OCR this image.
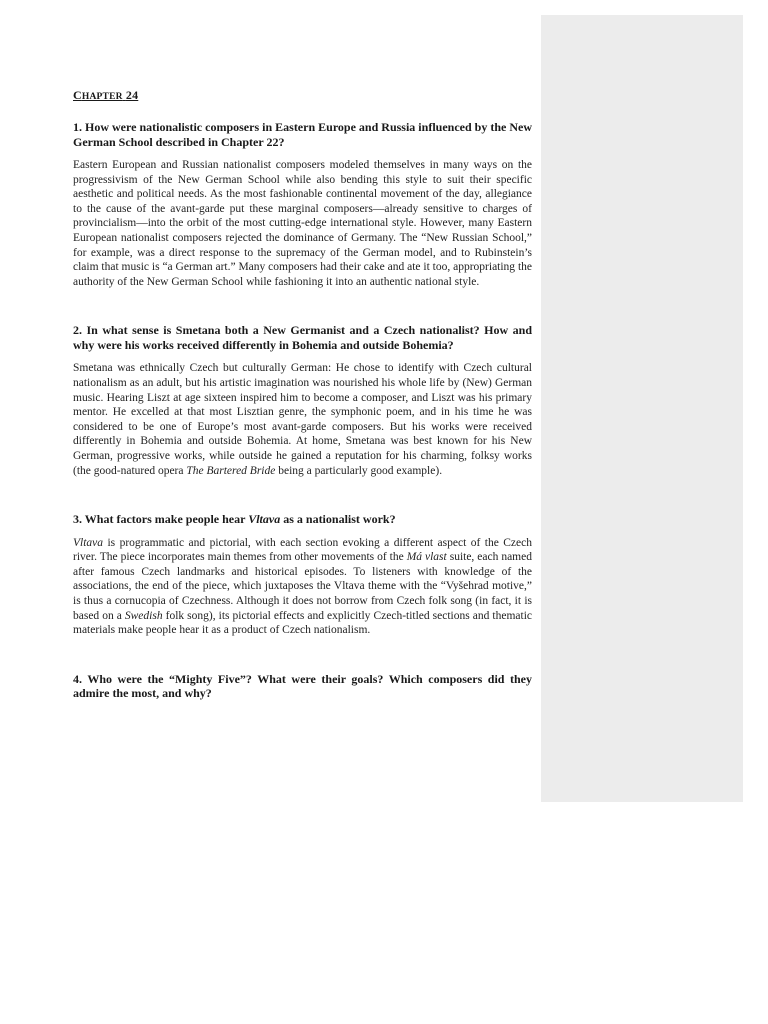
CHAPTER 24

1. How were nationalistic composers in Eastern Europe and Russia influenced by the New German School described in Chapter 22?

Eastern European and Russian nationalist composers modeled themselves in many ways on the progressivism of the New German School while also bending this style to suit their specific aesthetic and political needs. As the most fashionable continental movement of the day, allegiance to the cause of the avant-garde put these marginal composers—already sensitive to charges of provincialism—into the orbit of the most cutting-edge international style. However, many Eastern European nationalist composers rejected the dominance of Germany. The “New Russian School,” for example, was a direct response to the supremacy of the German model, and to Rubinstein’s claim that music is “a German art.” Many composers had their cake and ate it too, appropriating the authority of the New German School while fashioning it into an authentic national style.

2. In what sense is Smetana both a New Germanist and a Czech nationalist? How and why were his works received differently in Bohemia and outside Bohemia?

Smetana was ethnically Czech but culturally German: He chose to identify with Czech cultural nationalism as an adult, but his artistic imagination was nourished his whole life by (New) German music. Hearing Liszt at age sixteen inspired him to become a composer, and Liszt was his primary mentor. He excelled at that most Lisztian genre, the symphonic poem, and in his time he was considered to be one of Europe’s most avant-garde composers. But his works were received differently in Bohemia and outside Bohemia. At home, Smetana was best known for his New German, progressive works, while outside he gained a reputation for his charming, folksy works (the good-natured opera The Bartered Bride being a particularly good example).

3. What factors make people hear Vltava as a nationalist work?

Vltava is programmatic and pictorial, with each section evoking a different aspect of the Czech river. The piece incorporates main themes from other movements of the Má vlast suite, each named after famous Czech landmarks and historical episodes. To listeners with knowledge of the associations, the end of the piece, which juxtaposes the Vltava theme with the “Vyšehrad motive,” is thus a cornucopia of Czechness. Although it does not borrow from Czech folk song (in fact, it is based on a Swedish folk song), its pictorial effects and explicitly Czech-titled sections and thematic materials make people hear it as a product of Czech nationalism.

4. Who were the “Mighty Five”? What were their goals? Which composers did they admire the most, and why?
